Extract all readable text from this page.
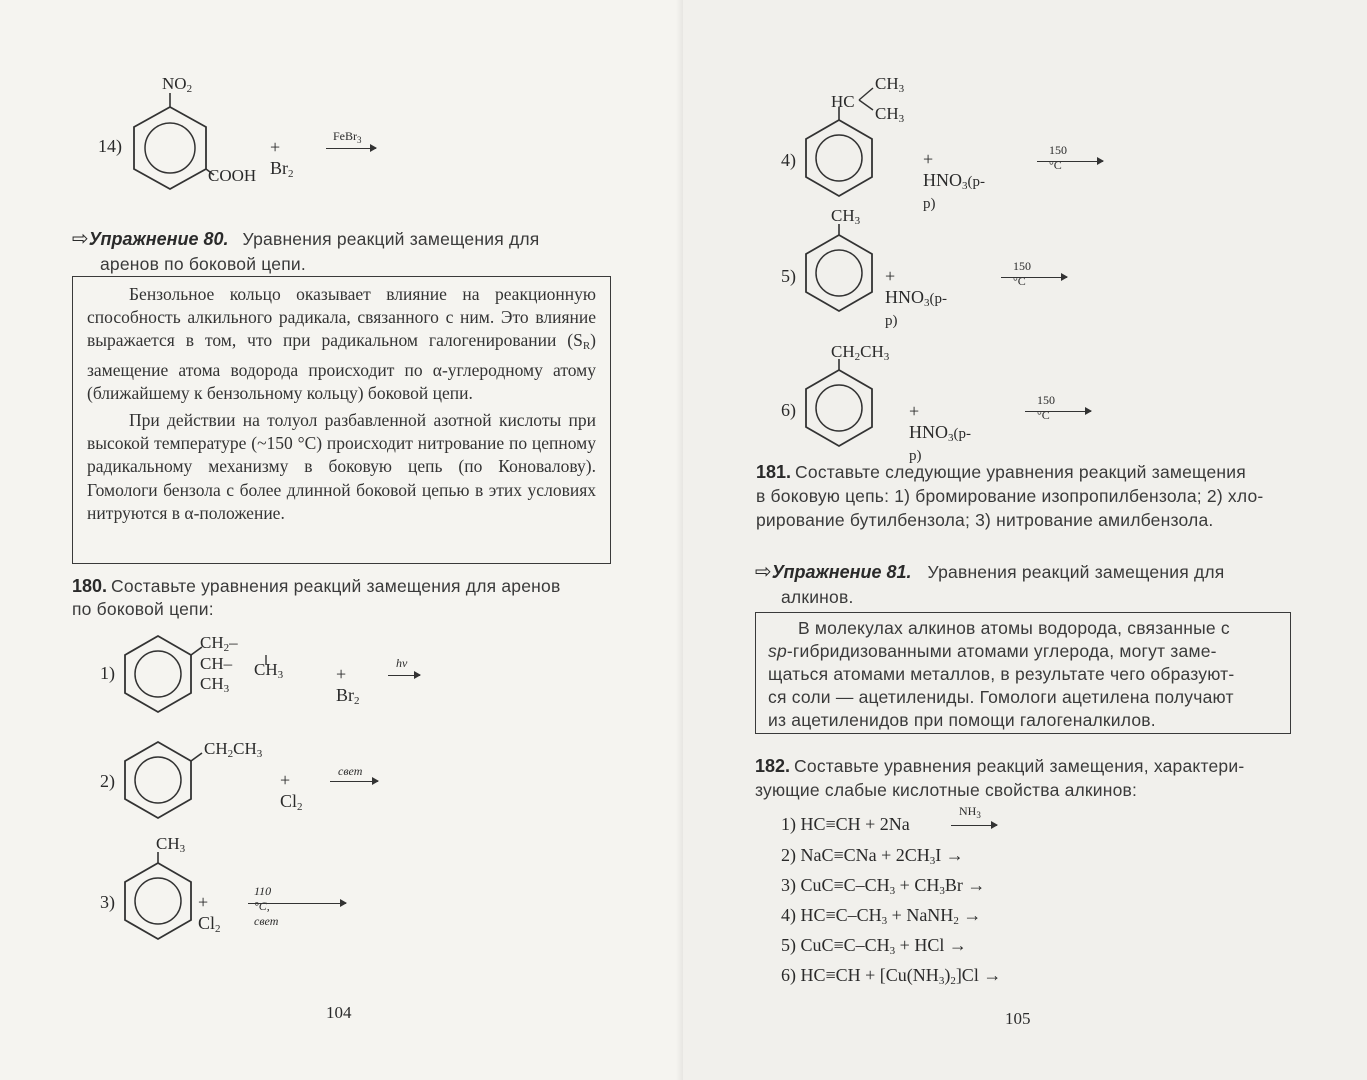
14)
$NO_2$
COOH
+ $Br_2$
FeBr$_3$
⇨Упражнение 80. Уравнения реакций замещения для
аренов по боковой цепи.

Бензольное кольцо оказывает влияние на реакционную способность алкильного радикала, связанного с ним. Это влияние выражается в том, что при радикальном галогенировании $(S_R)$ замещение атома водорода происходит по α-углеродному атому (ближайшему к бензольному кольцу) боковой цепи.

При действии на толуол разбавленной азотной кислоты при высокой температуре (~150 °C) происходит нитрование по цепному радикальному механизму в боковую цепь (по Коновалову). Гомологи бензола с более длинной боковой цепью в этих условиях нитруются в α-положение.

180. Составьте уравнения реакций замещения для аренов
по боковой цепи:
1)
$CH_2-CH-CH_3$
$CH_3$	+ $Br_2$
hν
2)
$CH_2CH_3$
+ $Cl_2$
свет
3)
$CH_3$
+ $Cl_2$
110 °C, свет
104
4)
HC
$CH_3$
$CH_3$
+ $HNO_3(р-р)$
150 °C
5)
$CH_3$
+ $HNO_3(р-р)$
150 °C
6)
$CH_2CH_3$
+ $HNO_3(р-р)$
150 °C
181. Составьте следующие уравнения реакций замещения
в боковую цепь: 1) бромирование изопропилбензола; 2) хло-
рирование бутилбензола; 3) нитрование амилбензола.
⇨Упражнение 81. Уравнения реакций замещения для
алкинов.
В молекулах алкинов атомы водорода, связанные с
sp-гибридизованными атомами углерода, могут заме-
щаться атомами металлов, в результате чего образуют-
ся соли — ацетилениды. Гомологи ацетилена получают
из ацетиленидов при помощи галогеналкилов.
182. Составьте уравнения реакций замещения, характери-
зующие слабые кислотные свойства алкинов:
1) HC≡CH + 2Na
$NH_3$
2) $NaC\equiv CNa + 2CH_3I$ →
3) $CuC\equiv C-CH_3 + CH_3Br$ →
4) $HC\equiv C-CH_3$ + NaNH$_2$ →
5) $CuC\equiv C-CH_3$ + HCl →
6) $HC\equiv CH + [Cu(NH_3)_2]Cl$ →
105
